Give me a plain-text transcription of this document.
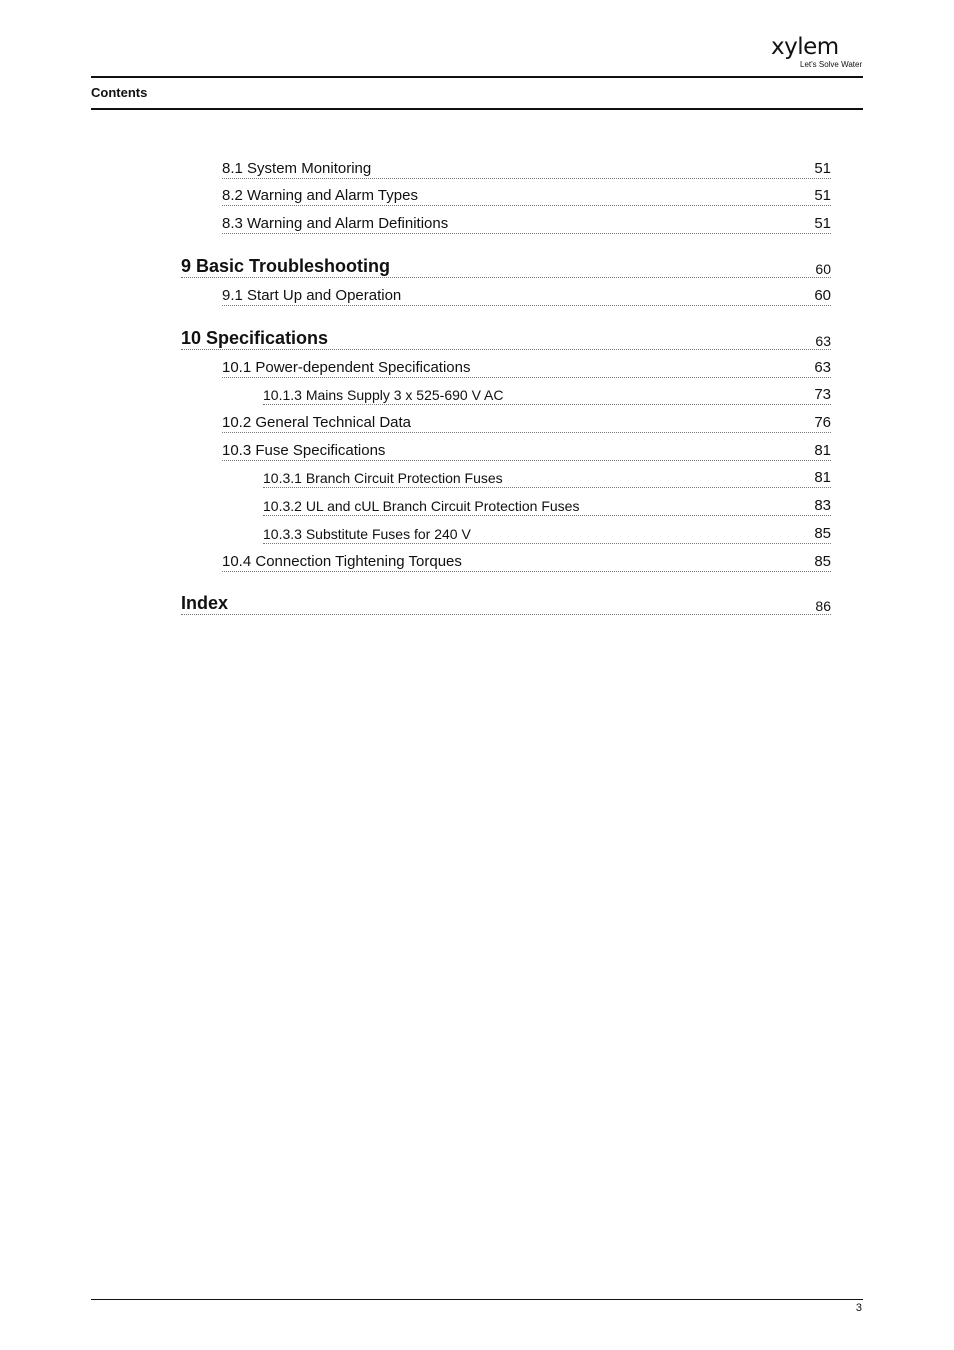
xylem
Let's Solve Water
Contents
8.1 System Monitoring	51
8.2 Warning and Alarm Types	51
8.3 Warning and Alarm Definitions	51
9 Basic Troubleshooting	60
9.1 Start Up and Operation	60
10 Specifications	63
10.1 Power-dependent Specifications	63
10.1.3 Mains Supply 3 x 525-690 V AC	73
10.2 General Technical Data	76
10.3 Fuse Specifications	81
10.3.1 Branch Circuit Protection Fuses	81
10.3.2 UL and cUL Branch Circuit Protection Fuses	83
10.3.3 Substitute Fuses for 240 V	85
10.4 Connection Tightening Torques	85
Index	86
3
